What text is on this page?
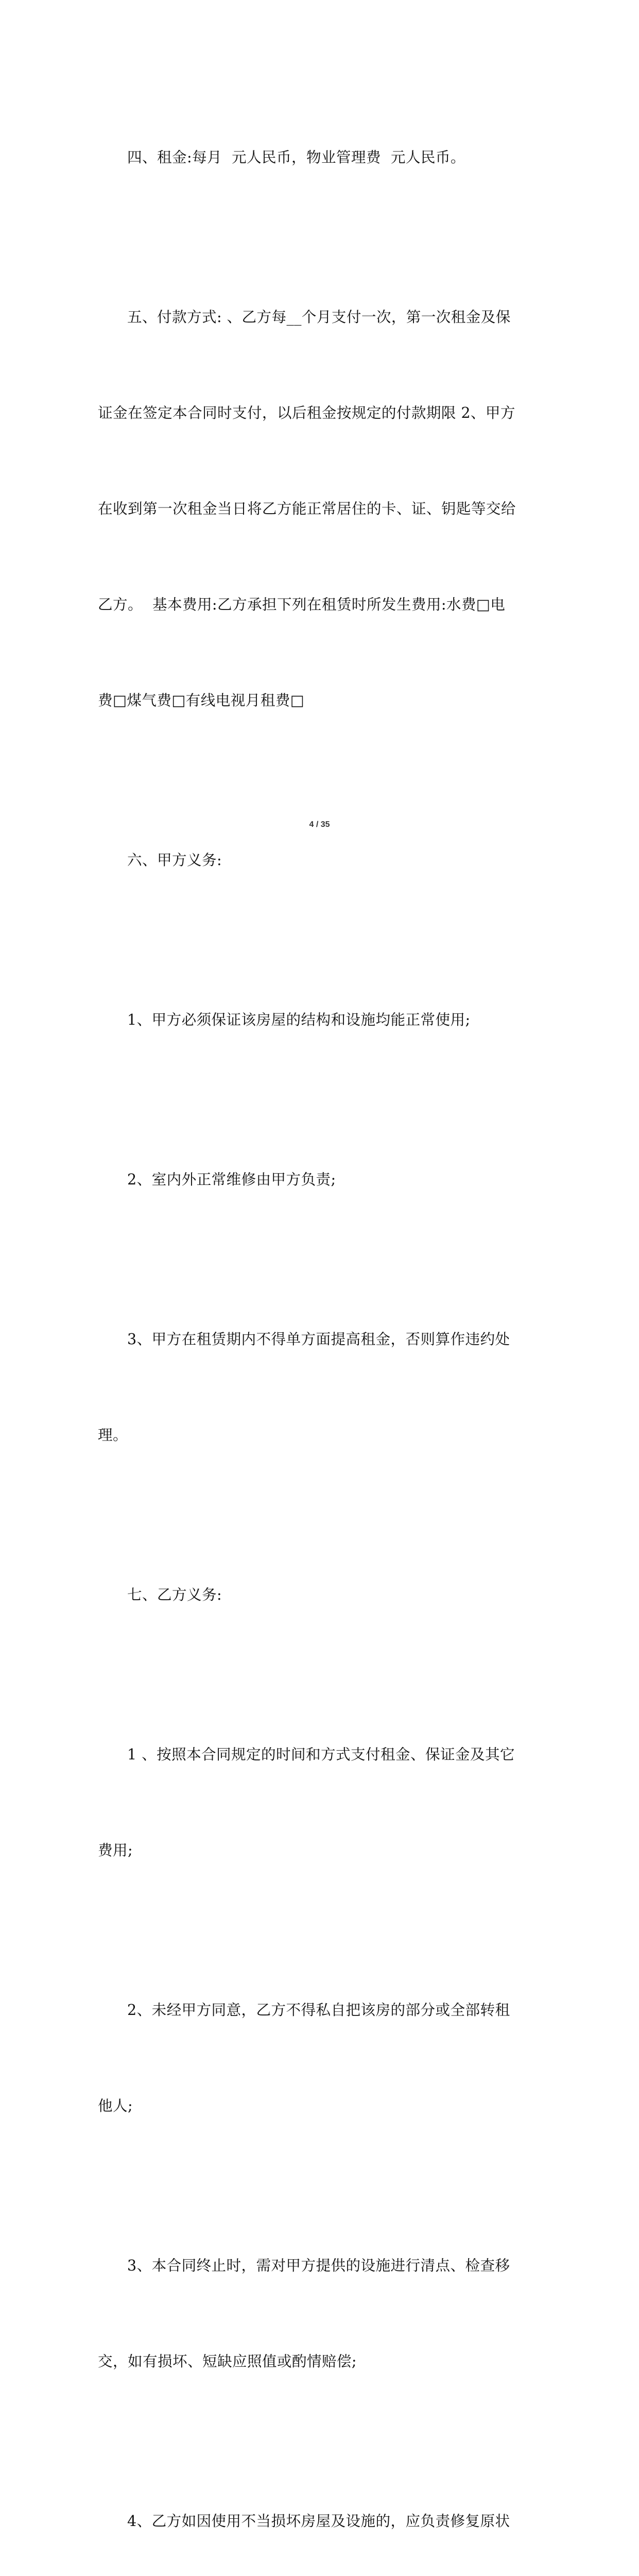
四、租金:每月  元人民币，物业管理费  元人民币。

五、付款方式: 、乙方每__个月支付一次，第一次租金及保

证金在签定本合同时支付，以后租金按规定的付款期限 2、甲方

在收到第一次租金当日将乙方能正常居住的卡、证、钥匙等交给

乙方。  基本费用:乙方承担下列在租赁时所发生费用:水费□电

费□煤气费□有线电视月租费□

六、甲方义务:

1、甲方必须保证该房屋的结构和设施均能正常使用;

2、室内外正常维修由甲方负责;

3、甲方在租赁期内不得单方面提高租金，否则算作违约处

理。

七、乙方义务:

1 、按照本合同规定的时间和方式支付租金、保证金及其它

费用;

2、未经甲方同意，乙方不得私自把该房的部分或全部转租

他人;

3、本合同终止时，需对甲方提供的设施进行清点、检查移

交，如有损坏、短缺应照值或酌情赔偿;

4、乙方如因使用不当损坏房屋及设施的，应负责修复原状

4 / 35
